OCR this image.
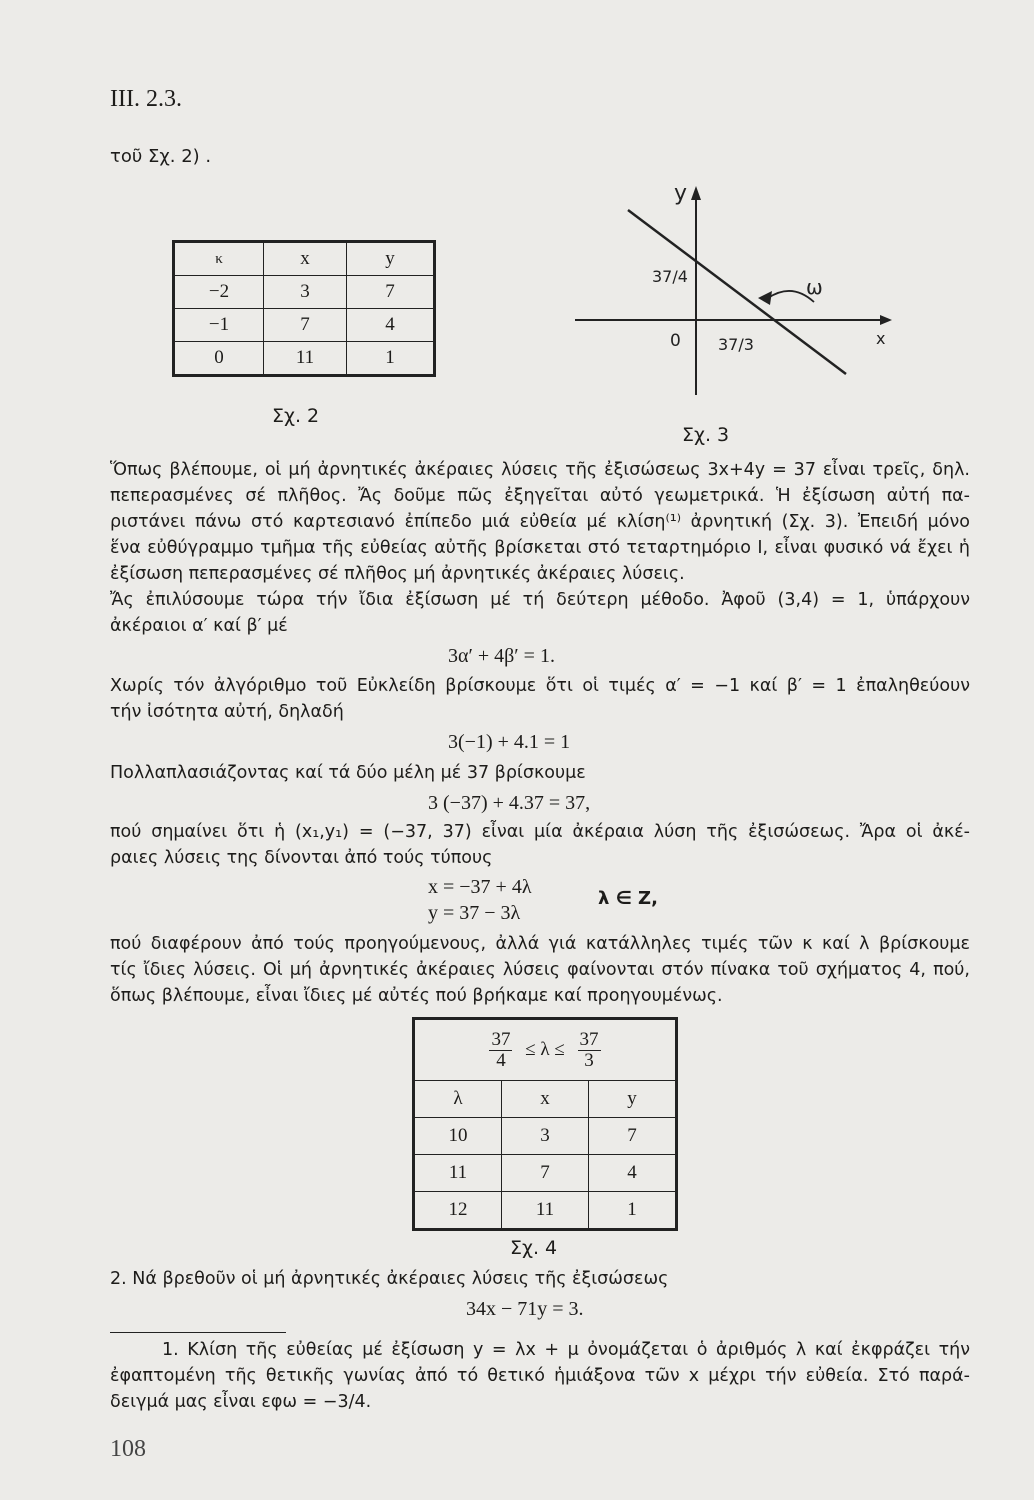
III. 2.3.
τοῦ Σχ. 2) .
κ	x	y
−2	3	7
−1	7	4
0	11	1
Σχ. 2
y
x
0
37/4
37/3
ω
Σχ. 3
Ὅπως βλέπουμε, οἱ μή ἀρνητικές ἀκέραιες λύσεις τῆς ἐξισώσεως 3x+4y = 37 εἶναι τρεῖς, δηλ.
πεπερασμένες σέ πλῆθος. Ἄς δοῦμε πῶς ἐξηγεῖται αὐτό γεωμετρικά. Ἡ ἐξίσωση αὐτή πα-
ριστάνει πάνω στό καρτεσιανό ἐπίπεδο μιά εὐθεία μέ κλίση⁽¹⁾ ἀρνητική (Σχ. 3). Ἐπειδή μόνο
ἕνα εὐθύγραμμο τμῆμα τῆς εὐθείας αὐτῆς βρίσκεται στό τεταρτημόριο Ι, εἶναι φυσικό νά ἔχει ἡ
ἐξίσωση πεπερασμένες σέ πλῆθος μή ἀρνητικές ἀκέραιες λύσεις.
Ἄς ἐπιλύσουμε τώρα τήν ἴδια ἐξίσωση μέ τή δεύτερη μέθοδο. Ἀφοῦ (3,4) = 1, ὑπάρχουν
ἀκέραιοι α′ καί β′ μέ
3α′ + 4β′ = 1.
Χωρίς τόν ἀλγόριθμο τοῦ Εὐκλείδη βρίσκουμε ὅτι οἱ τιμές α′ = −1 καί β′ = 1 ἐπαληθεύουν
τήν ἰσότητα αὐτή, δηλαδή
3(−1) + 4.1 = 1
Πολλαπλασιάζοντας καί τά δύο μέλη μέ 37 βρίσκουμε
3 (−37) + 4.37 = 37,
πού σημαίνει ὅτι ἡ (x₁,y₁) = (−37, 37) εἶναι μία ἀκέραια λύση τῆς ἐξισώσεως. Ἄρα οἱ ἀκέ-
ραιες λύσεις της δίνονται ἀπό τούς τύπους
x = −37 + 4λ
y = 37 − 3λ
λ ∈ Z,
πού διαφέρουν ἀπό τούς προηγούμενους, ἀλλά γιά κατάλληλες τιμές τῶν κ καί λ βρίσκουμε
τίς ἴδιες λύσεις. Οἱ μή ἀρνητικές ἀκέραιες λύσεις φαίνονται στόν πίνακα τοῦ σχήματος 4, πού,
ὅπως βλέπουμε, εἶναι ἴδιες μέ αὐτές πού βρήκαμε καί προηγουμένως.
$\frac{37}{4} \le \lambda \le \frac{37}{3}$

λ	x	y
10	3	7
11	7	4
12	11	1
Σχ. 4
2. Νά βρεθοῦν οἱ μή ἀρνητικές ἀκέραιες λύσεις τῆς ἐξισώσεως
34x − 71y = 3.
1. Κλίση τῆς εὐθείας μέ ἐξίσωση y = λx + μ ὀνομάζεται ὁ ἀριθμός λ καί ἐκφράζει τήν
ἐφαπτομένη τῆς θετικῆς γωνίας ἀπό τό θετικό ἡμιάξονα τῶν x μέχρι τήν εὐθεία. Στό παρά-
δειγμά μας εἶναι εφω = −3/4.
108
